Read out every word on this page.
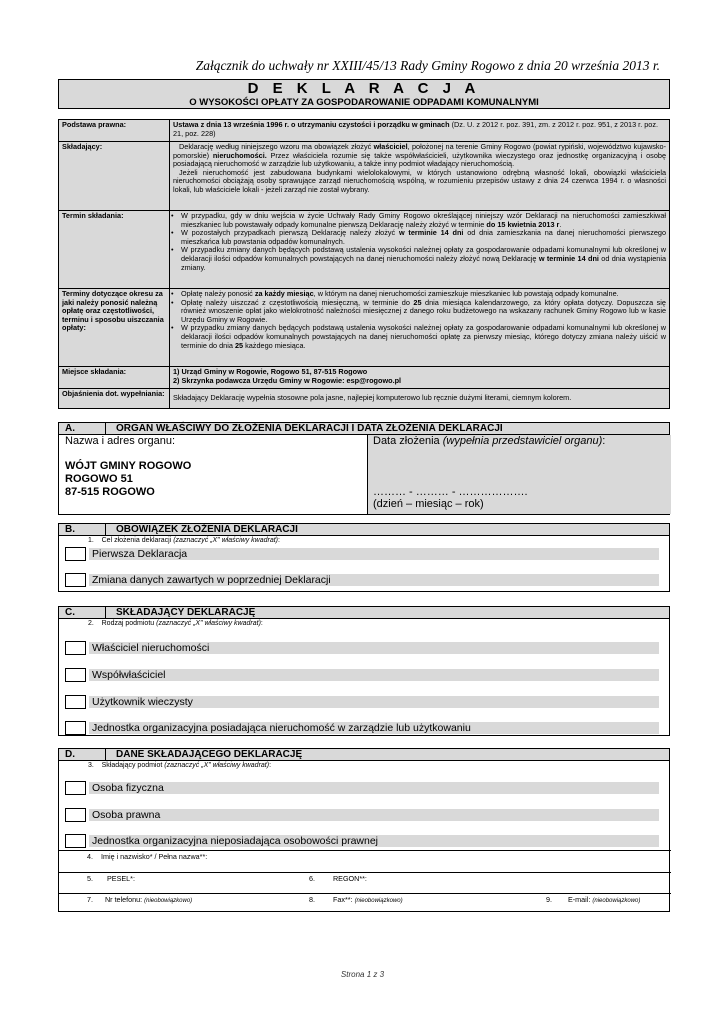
Załącznik do uchwały nr XXIII/45/13 Rady Gminy Rogowo z dnia 20 września 2013 r.
D E K L A R A C J A
O WYSOKOŚCI OPŁATY ZA GOSPODAROWANIE ODPADAMI KOMUNALNYMI
Podstawa prawna:	Ustawa z dnia 13 września 1996 r. o utrzymaniu czystości i porządku w gminach (Dz. U. z 2012 r. poz. 391, zm. z 2012 r. poz. 951, z 2013 r. poz. 21, poz. 228)
Składający:	Deklarację według niniejszego wzoru ma obowiązek złożyć właściciel, położonej na terenie Gminy Rogowo (powiat rypiński, województwo kujawsko-pomorskie) nieruchomości. Przez właściciela rozumie się także współwłaścicieli, użytkownika wieczystego oraz jednostkę organizacyjną i osobę posiadającą nieruchomość w zarządzie lub użytkowaniu, a także inny podmiot władający nieruchomością.
Jeżeli nieruchomość jest zabudowana budynkami wielolokalowymi, w których ustanowiono odrębną własność lokali, obowiązki właściciela nieruchomości obciążają osoby sprawujące zarząd nieruchomością wspólną, w rozumieniu przepisów ustawy z dnia 24 czerwca 1994 r. o własności lokali, lub właściciele lokali - jeżeli zarząd nie został wybrany.

Termin składania:	• W przypadku, gdy w dniu wejścia w życie Uchwały Rady Gminy Rogowo określającej niniejszy wzór Deklaracji na nieruchomości zamieszkiwał mieszkaniec lub powstawały odpady komunalne pierwszą Deklarację należy złożyć w terminie do 15 kwietnia 2013 r.
• W pozostałych przypadkach pierwszą Deklarację należy złożyć w terminie 14 dni od dnia zamieszkania na danej nieruchomości pierwszego mieszkańca lub powstania odpadów komunalnych.
• W przypadku zmiany danych będących podstawą ustalenia wysokości należnej opłaty za gospodarowanie odpadami komunalnymi lub określonej w deklaracji ilości odpadów komunalnych powstających na danej nieruchomości należy złożyć nową Deklarację w terminie 14 dni od dnia wystąpienia zmiany.

Terminy dotyczące okresu za jaki należy ponosić należną opłatę oraz częstotliwości, terminu i sposobu uiszczania opłaty:	• Opłatę należy ponosić za każdy miesiąc, w którym na danej nieruchomości zamieszkuje mieszkaniec lub powstają odpady komunalne.
• Opłatę należy uiszczać z częstotliwością miesięczną, w terminie do 25 dnia miesiąca kalendarzowego, za który opłata dotyczy. Dopuszcza się również wnoszenie opłat jako wielokrotność należności miesięcznej z danego roku budżetowego na wskazany rachunek Gminy Rogowo lub w kasie Urzędu Gminy w Rogowie.
• W przypadku zmiany danych będących podstawą ustalenia wysokości należnej opłaty za gospodarowanie odpadami komunalnymi lub określonej w deklaracji ilości odpadów komunalnych powstających na danej nieruchomości opłatę za pierwszy miesiąc, którego dotyczy zmiana należy uiścić w terminie do dnia 25 każdego miesiąca.

Miejsce składania:	1) Urząd Gminy w Rogowie, Rogowo 51, 87-515 Rogowo
2) Skrzynka podawcza Urzędu Gminy w Rogowie: esp@rogowo.pl

Objaśnienia dot. wypełniania:	Składający Deklarację wypełnia stosowne pola jasne, najlepiej komputerowo lub ręcznie dużymi literami, ciemnym kolorem.
A.	ORGAN WŁAŚCIWY DO ZŁOŻENIA DEKLARACJI I DATA ZŁOŻENIA DEKLARACJI
Nazwa i adres organu:
WÓJT GMINY ROGOWO
ROGOWO 51
87-515 ROGOWO
Data złożenia (wypełnia przedstawiciel organu):
……… - ……… - ……………….
(dzień – miesiąc – rok)
B.	OBOWIĄZEK ZŁOŻENIA DEKLARACJI
1. Cel złożenia deklaracji (zaznaczyć „X" właściwy kwadrat):
Pierwsza Deklaracja
Zmiana danych zawartych w poprzedniej Deklaracji
C.	SKŁADAJĄCY DEKLARACJĘ
2. Rodzaj podmiotu (zaznaczyć „X" właściwy kwadrat):
Właściciel nieruchomości
Współwłaściciel
Użytkownik wieczysty
Jednostka organizacyjna posiadająca nieruchomość w zarządzie lub użytkowaniu
D.	DANE SKŁADAJĄCEGO DEKLARACJĘ
3. Składający podmiot (zaznaczyć „X" właściwy kwadrat):
Osoba fizyczna
Osoba prawna
Jednostka organizacyjna nieposiadająca osobowości prawnej
4. Imię i nazwisko* / Pełna nazwa**:
5. PESEL*:	6. REGON**:
7. Nr telefonu: (nieobowiązkowo)	8. Fax**: (nieobowiązkowo)	9. E-mail: (nieobowiązkowo)
Strona 1 z 3
